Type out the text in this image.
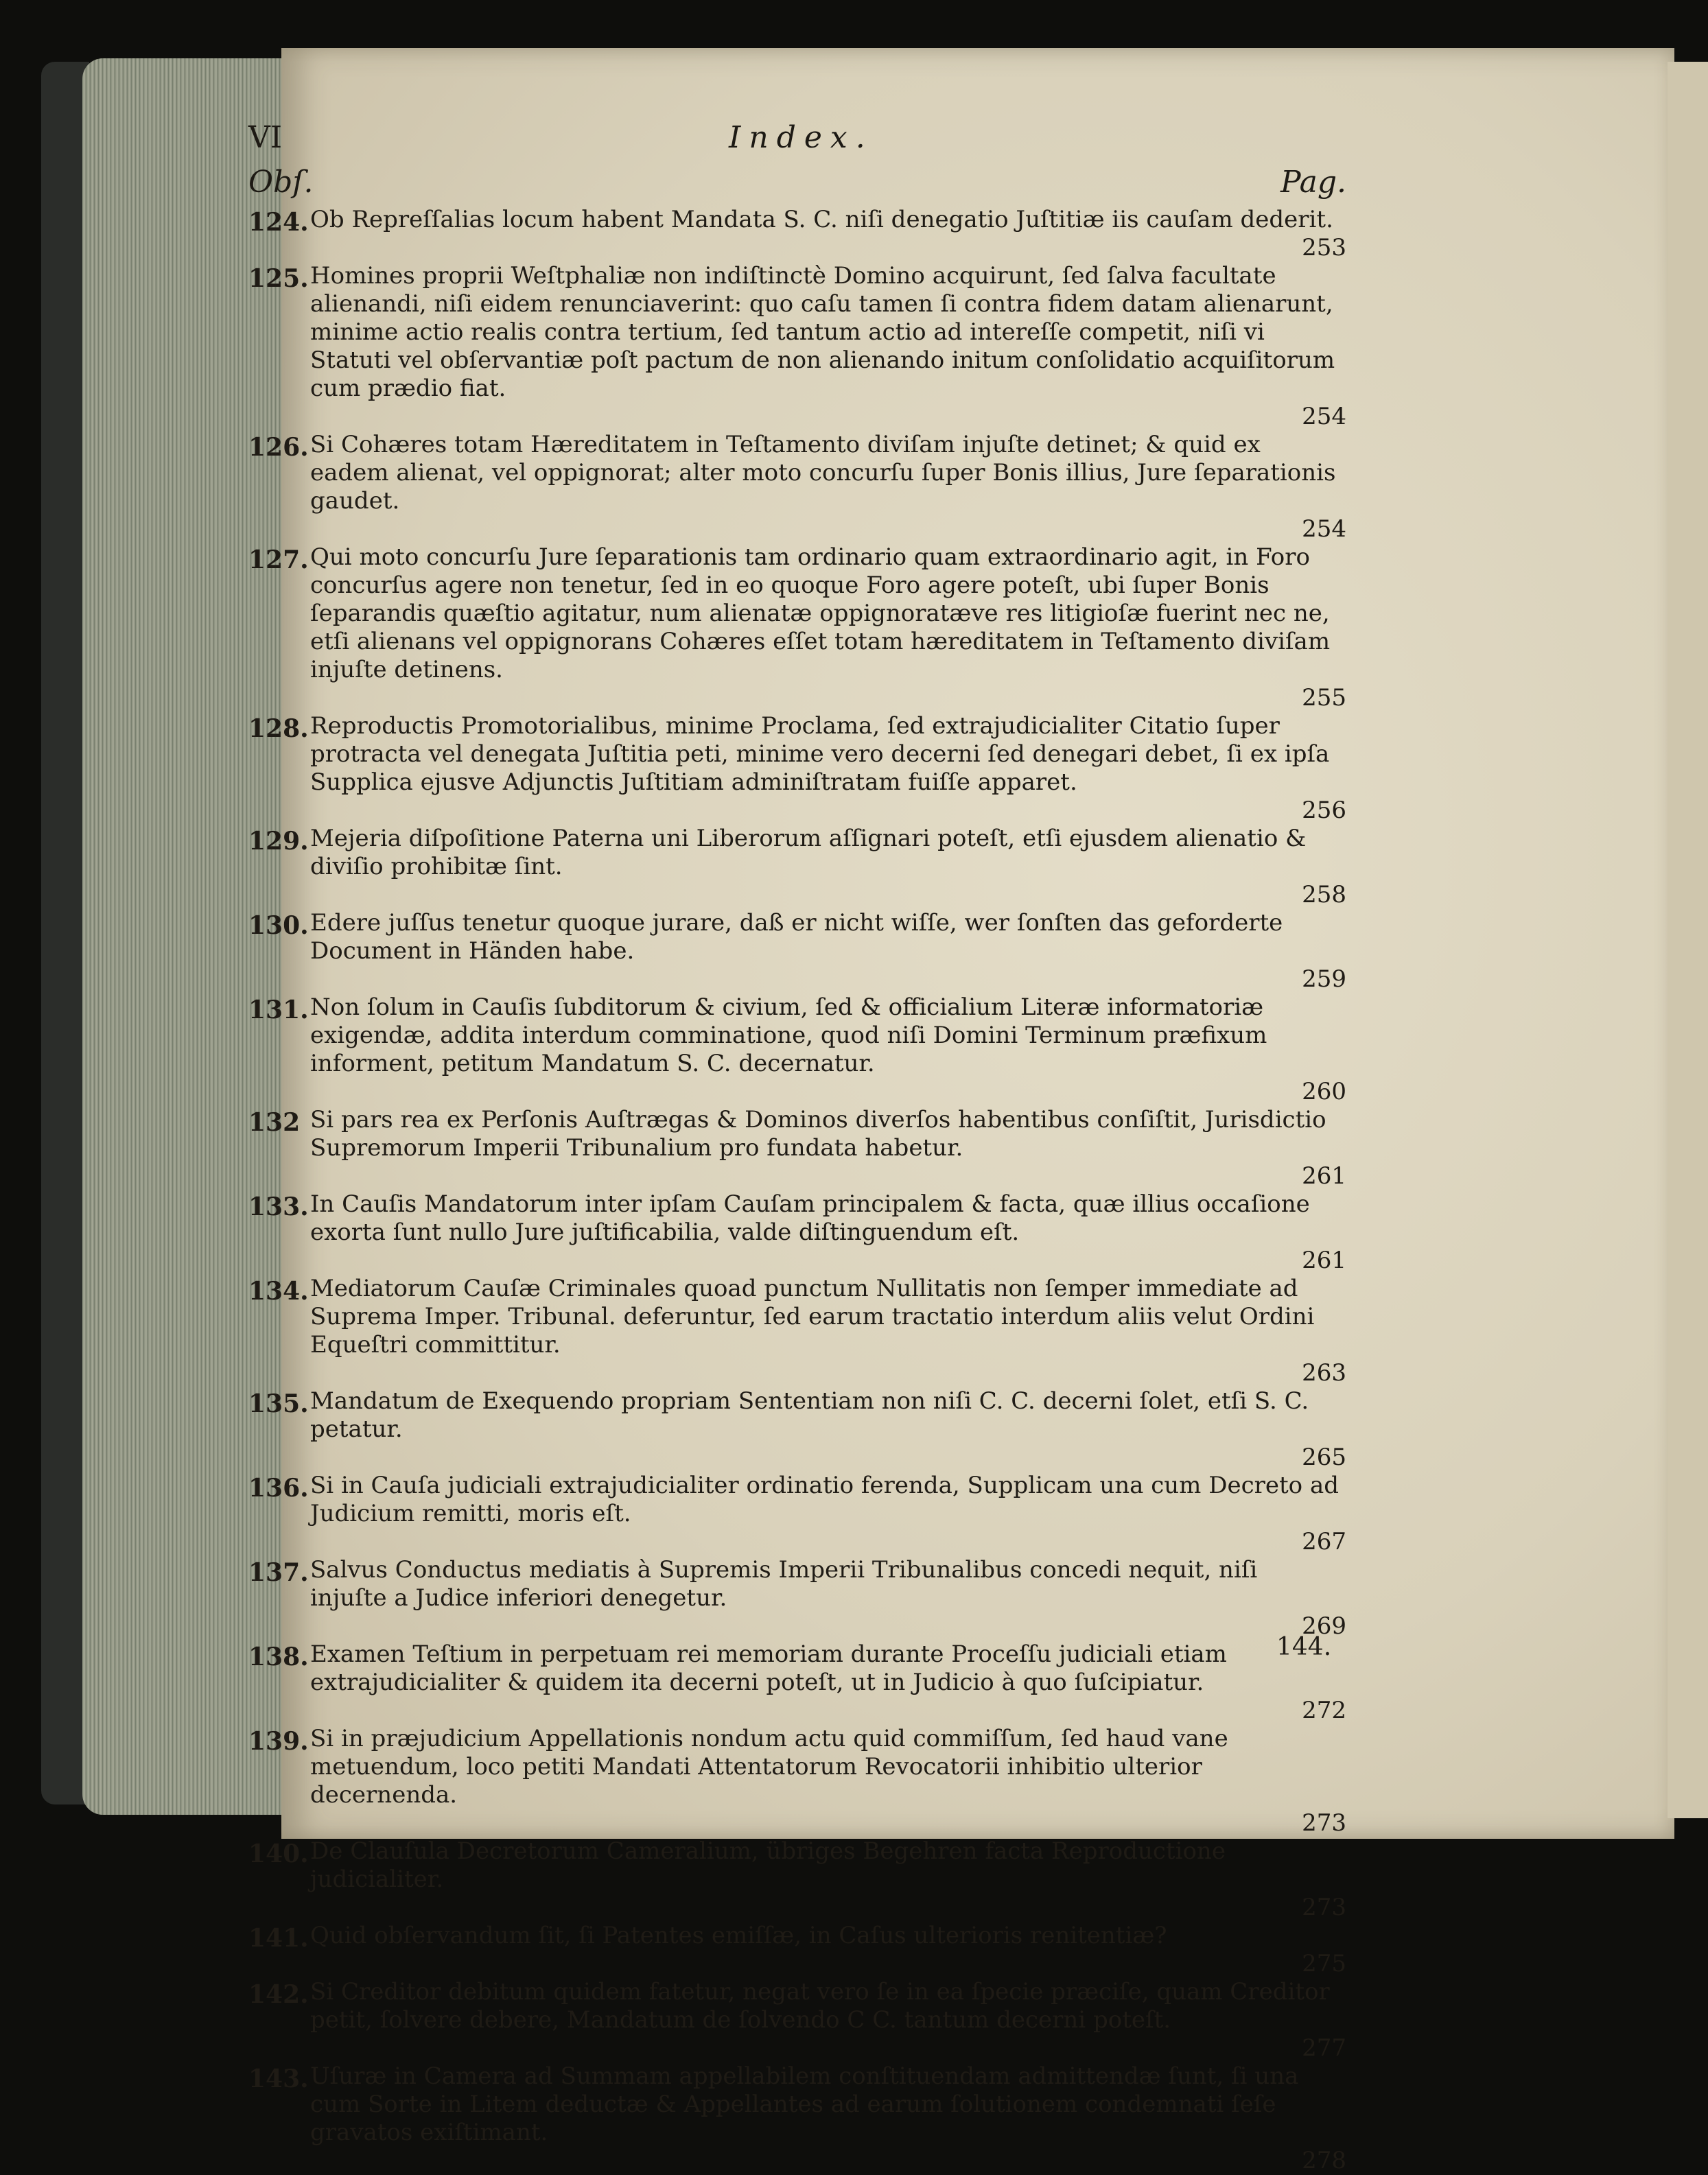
VI	Index.
Obſ.	Pag.
124. Ob Repreſſalias locum habent Mandata S. C. niſi denegatio Juſtitiæ iis cauſam dederit.
253
125. Homines proprii Weſtphaliæ non indiſtinctè Domino acquirunt, ſed ſalva facultate alienandi, niſi eidem renunciaverint: quo caſu tamen ſi contra fidem datam alienarunt, minime actio realis contra tertium, ſed tantum actio ad intereſſe competit, niſi vi Statuti vel obſervantiæ poſt pactum de non alienando initum conſolidatio acquiſitorum cum prædio fiat.
254
126. Si Cohæres totam Hæreditatem in Teſtamento diviſam injuſte detinet; & quid ex eadem alienat, vel oppignorat; alter moto concurſu ſuper Bonis illius, Jure ſeparationis gaudet.
254
127. Qui moto concurſu Jure ſeparationis tam ordinario quam extraordinario agit, in Foro concurſus agere non tenetur, ſed in eo quoque Foro agere poteſt, ubi ſuper Bonis ſeparandis quæſtio agitatur, num alienatæ oppignoratæve res litigioſæ fuerint nec ne, etſi alienans vel oppignorans Cohæres eſſet totam hæreditatem in Teſtamento diviſam injuſte detinens.
255
128. Reproductis Promotorialibus, minime Proclama, ſed extrajudicialiter Citatio ſuper protracta vel denegata Juſtitia peti, minime vero decerni ſed denegari debet, ſi ex ipſa Supplica ejusve Adjunctis Juſtitiam adminiſtratam fuiſſe apparet.
256
129. Mejeria diſpoſitione Paterna uni Liberorum aſſignari poteſt, etſi ejusdem alienatio & diviſio prohibitæ ſint.
258
130. Edere juſſus tenetur quoque jurare, daß er nicht wiſſe, wer ſonſten das geforderte Document in Händen habe.
259
131. Non ſolum in Cauſis ſubditorum & civium, ſed & officialium Literæ informatoriæ exigendæ, addita interdum comminatione, quod niſi Domini Terminum præfixum informent, petitum Mandatum S. C. decernatur.
260
132 Si pars rea ex Perſonis Auſtrægas & Dominos diverſos habentibus conſiſtit, Jurisdictio Supremorum Imperii Tribunalium pro fundata habetur.
261
133. In Cauſis Mandatorum inter ipſam Cauſam principalem & facta, quæ illius occaſione exorta ſunt nullo Jure juſtificabilia, valde diſtinguendum eſt.
261
134. Mediatorum Cauſæ Criminales quoad punctum Nullitatis non ſemper immediate ad Suprema Imper. Tribunal. deferuntur, ſed earum tractatio interdum aliis velut Ordini Equeſtri committitur.
263
135. Mandatum de Exequendo propriam Sententiam non niſi C. C. decerni ſolet, etſi S. C. petatur.
265
136. Si in Cauſa judiciali extrajudicialiter ordinatio ferenda, Supplicam una cum Decreto ad Judicium remitti, moris eſt.
267
137. Salvus Conductus mediatis à Supremis Imperii Tribunalibus concedi nequit, niſi injuſte a Judice inferiori denegetur.
269
138. Examen Teſtium in perpetuam rei memoriam durante Proceſſu judiciali etiam extrajudicialiter & quidem ita decerni poteſt, ut in Judicio à quo ſuſcipiatur.
272
139. Si in præjudicium Appellationis nondum actu quid commiſſum, ſed haud vane metuendum, loco petiti Mandati Attentatorum Revocatorii inhibitio ulterior decernenda.
273
140. De Clauſula Decretorum Cameralium, übriges Begehren facta Reproductione judicialiter.
273
141. Quid obſervandum ſit, ſi Patentes emiſſæ, in Caſus ulterioris renitentiæ?
275
142. Si Creditor debitum quidem fatetur, negat vero ſe in ea ſpecie præciſe, quam Creditor petit, ſolvere debere, Mandatum de ſolvendo C C. tantum decerni poteſt.
277
143. Uſuræ in Camera ad Summam appellabilem conſtituendam admittendæ ſunt, ſi una cum Sorte in Litem deductæ & Appellantes ad earum ſolutionem condemnati ſeſe gravatos exiſtimant.
278
144.
